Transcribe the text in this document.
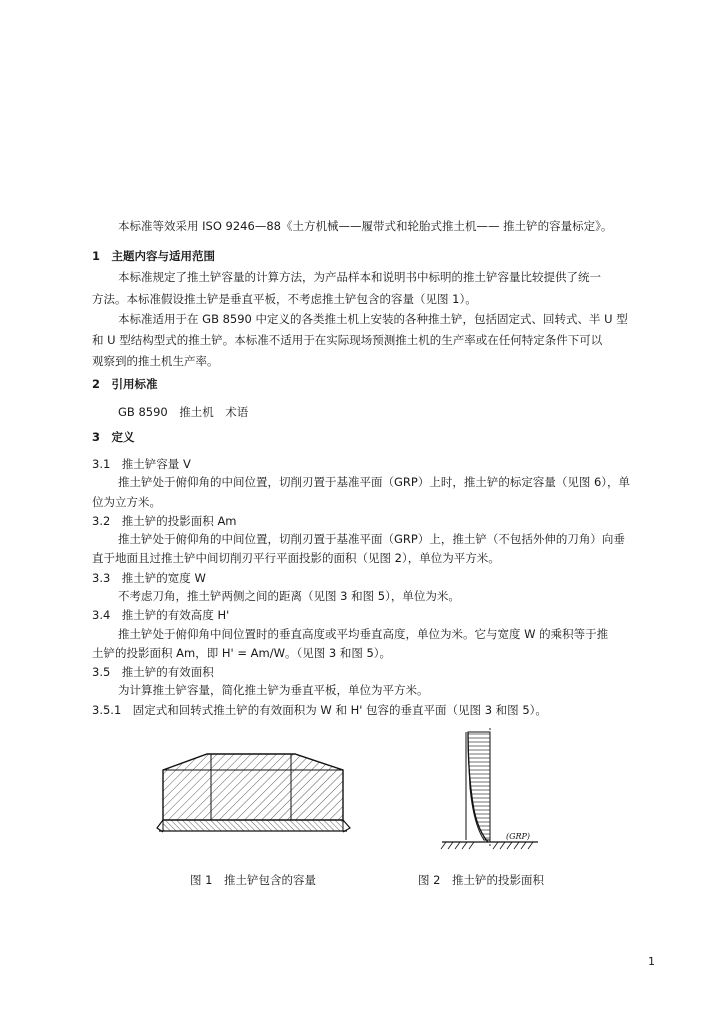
本标准等效采用 ISO 9246—88《土方机械——履带式和轮胎式推土机—— 推土铲的容量标定》。
1　主题内容与适用范围
本标准规定了推土铲容量的计算方法，为产品样本和说明书中标明的推土铲容量比较提供了统一
方法。本标准假设推土铲是垂直平板，不考虑推土铲包含的容量（见图 1）。
本标准适用于在 GB 8590 中定义的各类推土机上安装的各种推土铲，包括固定式、回转式、半 U 型
和 U 型结构型式的推土铲。本标准不适用于在实际现场预测推土机的生产率或在任何特定条件下可以
观察到的推土机生产率。
2　引用标准
GB 8590　推土机　术语
3　定义
3.1　推土铲容量 V
推土铲处于俯仰角的中间位置，切削刃置于基准平面（GRP）上时，推土铲的标定容量（见图 6），单
位为立方米。
3.2　推土铲的投影面积 Am
推土铲处于俯仰角的中间位置，切削刃置于基准平面（GRP）上，推土铲（不包括外伸的刀角）向垂
直于地面且过推土铲中间切削刃平行平面投影的面积（见图 2），单位为平方米。
3.3　推土铲的宽度 W
不考虑刀角，推土铲两侧之间的距离（见图 3 和图 5），单位为米。
3.4　推土铲的有效高度 H'
推土铲处于俯仰角中间位置时的垂直高度或平均垂直高度，单位为米。它与宽度 W 的乘积等于推
土铲的投影面积 Am，即 H' = Am/W。（见图 3 和图 5）。
3.5　推土铲的有效面积
为计算推土铲容量，简化推土铲为垂直平板，单位为平方米。
3.5.1　固定式和回转式推土铲的有效面积为 W 和 H' 包容的垂直平面（见图 3 和图 5）。
图 1　推土铲包含的容量
(GRP)
图 2　推土铲的投影面积
1
